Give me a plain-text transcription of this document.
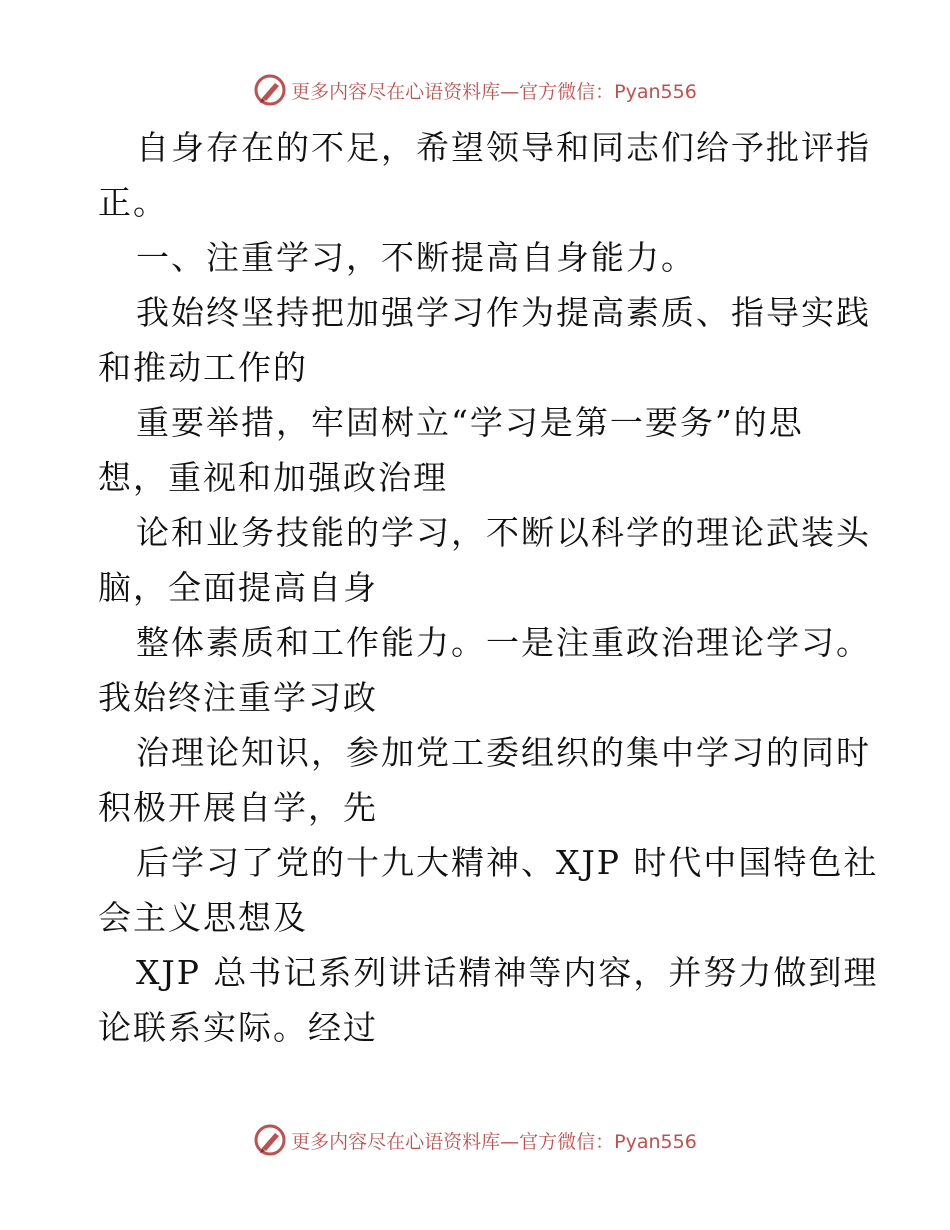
更多内容尽在心语资料库—官方微信：Pyan556
自身存在的不足，希望领导和同志们给予批评指
正。
一、注重学习，不断提高自身能力。
我始终坚持把加强学习作为提高素质、指导实践
和推动工作的
重要举措，牢固树立“学习是第一要务”的思
想，重视和加强政治理
论和业务技能的学习，不断以科学的理论武装头
脑，全面提高自身
整体素质和工作能力。一是注重政治理论学习。
我始终注重学习政
治理论知识，参加党工委组织的集中学习的同时
积极开展自学，先
后学习了党的十九大精神、XJP 时代中国特色社
会主义思想及
XJP 总书记系列讲话精神等内容，并努力做到理
论联系实际。经过
更多内容尽在心语资料库—官方微信：Pyan556
